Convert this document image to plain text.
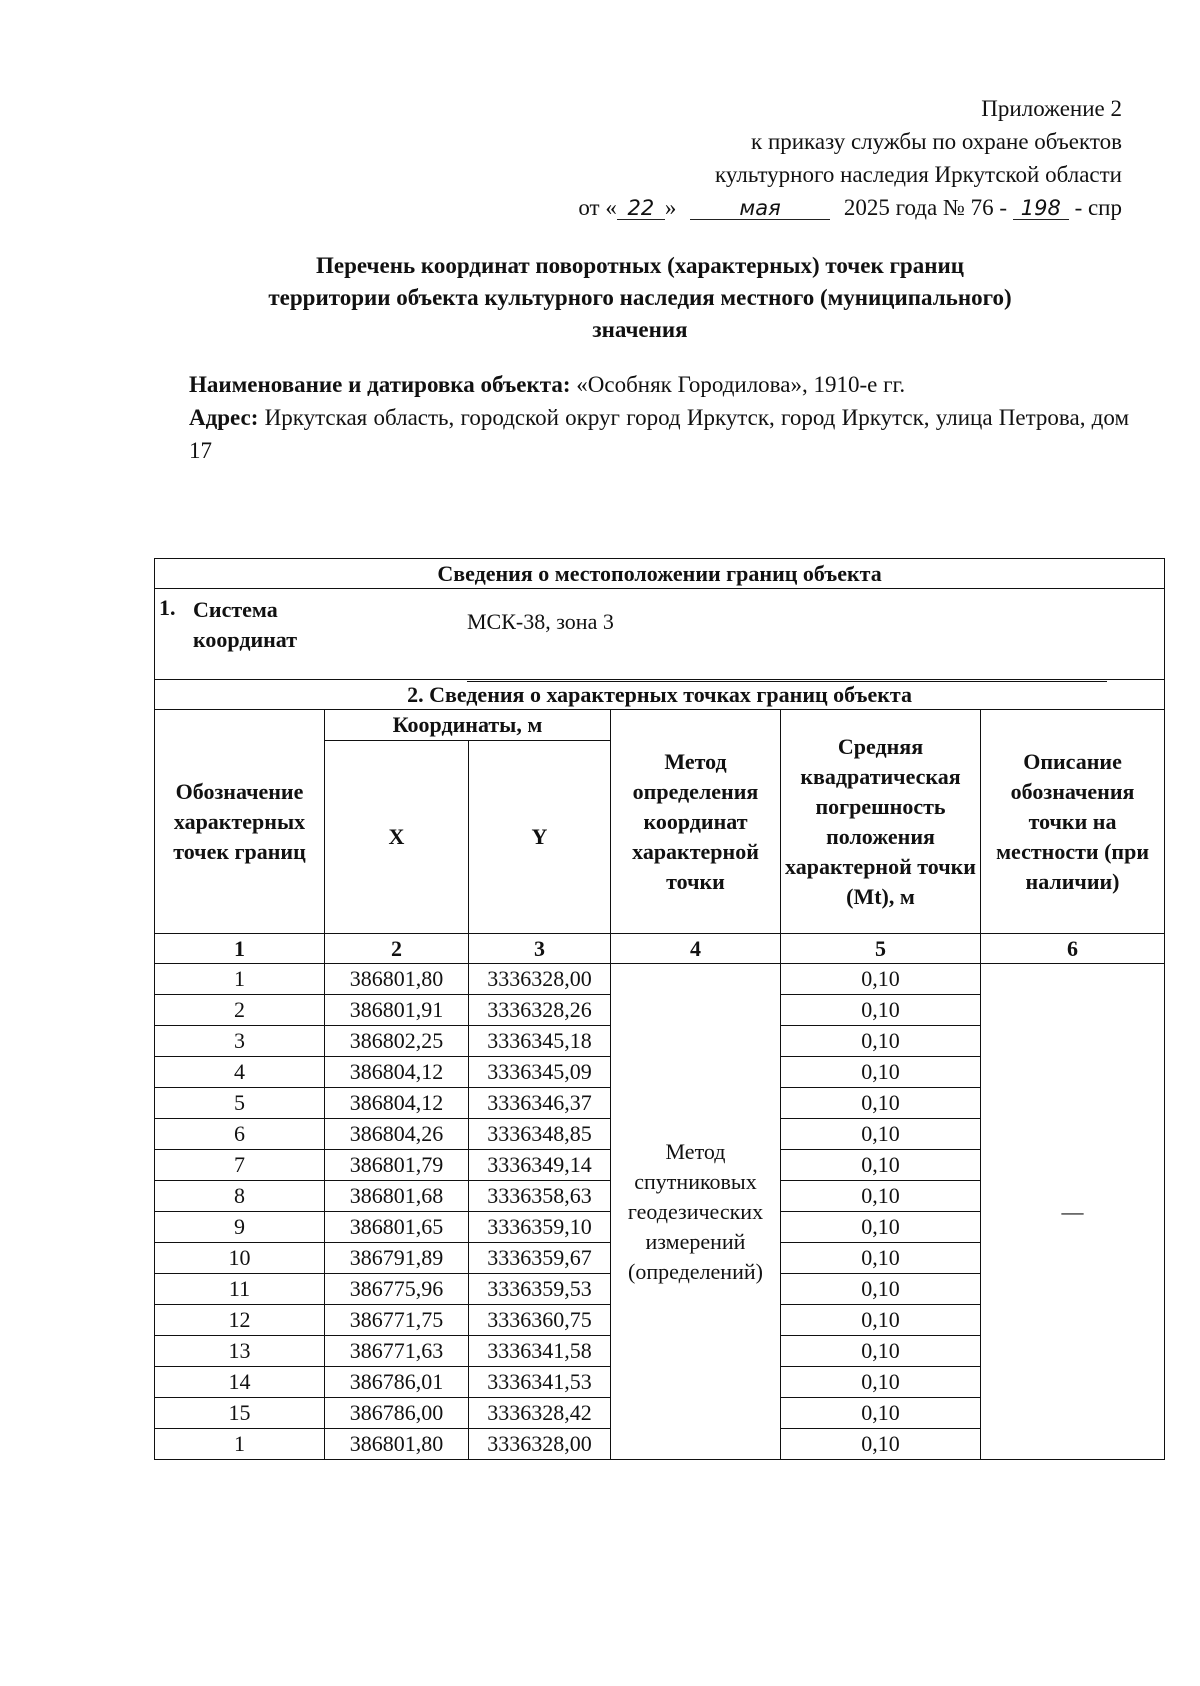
Приложение 2
к приказу службы по охране объектов
культурного наследия Иркутской области
от « 22 »	мая	2025 года № 76 - 198 - спр
Перечень координат поворотных (характерных) точек границ
территории объекта культурного наследия местного (муниципального)
значения
Наименование и датировка объекта: «Особняк Городилова», 1910-е гг.
Адрес: Иркутская область, городской округ город Иркутск, город Иркутск, улица Петрова, дом 17
Сведения о местоположении границ объекта					

1. Система
координат
МСК-38, зона 3					

2. Сведения о характерных точках границ объекта					
Обозначение характерных точек границ	Координаты, м		Метод определения координат характерной точки	Средняя квадратическая погрешность положения характерной точки (Mt), м	Описание обозначения точки на местности (при наличии)
	X	Y			
1	2	3	4	5	6
1	386801,80	3336328,00	Метод спутниковых геодезических измерений (определений)	0,10	—
2	386801,91	3336328,26		0,10	
3	386802,25	3336345,18		0,10	
4	386804,12	3336345,09		0,10	
5	386804,12	3336346,37		0,10	
6	386804,26	3336348,85		0,10	
7	386801,79	3336349,14		0,10	
8	386801,68	3336358,63		0,10	
9	386801,65	3336359,10		0,10	
10	386791,89	3336359,67		0,10	
11	386775,96	3336359,53		0,10	
12	386771,75	3336360,75		0,10	
13	386771,63	3336341,58		0,10	
14	386786,01	3336341,53		0,10	
15	386786,00	3336328,42		0,10	
1	386801,80	3336328,00		0,10	
